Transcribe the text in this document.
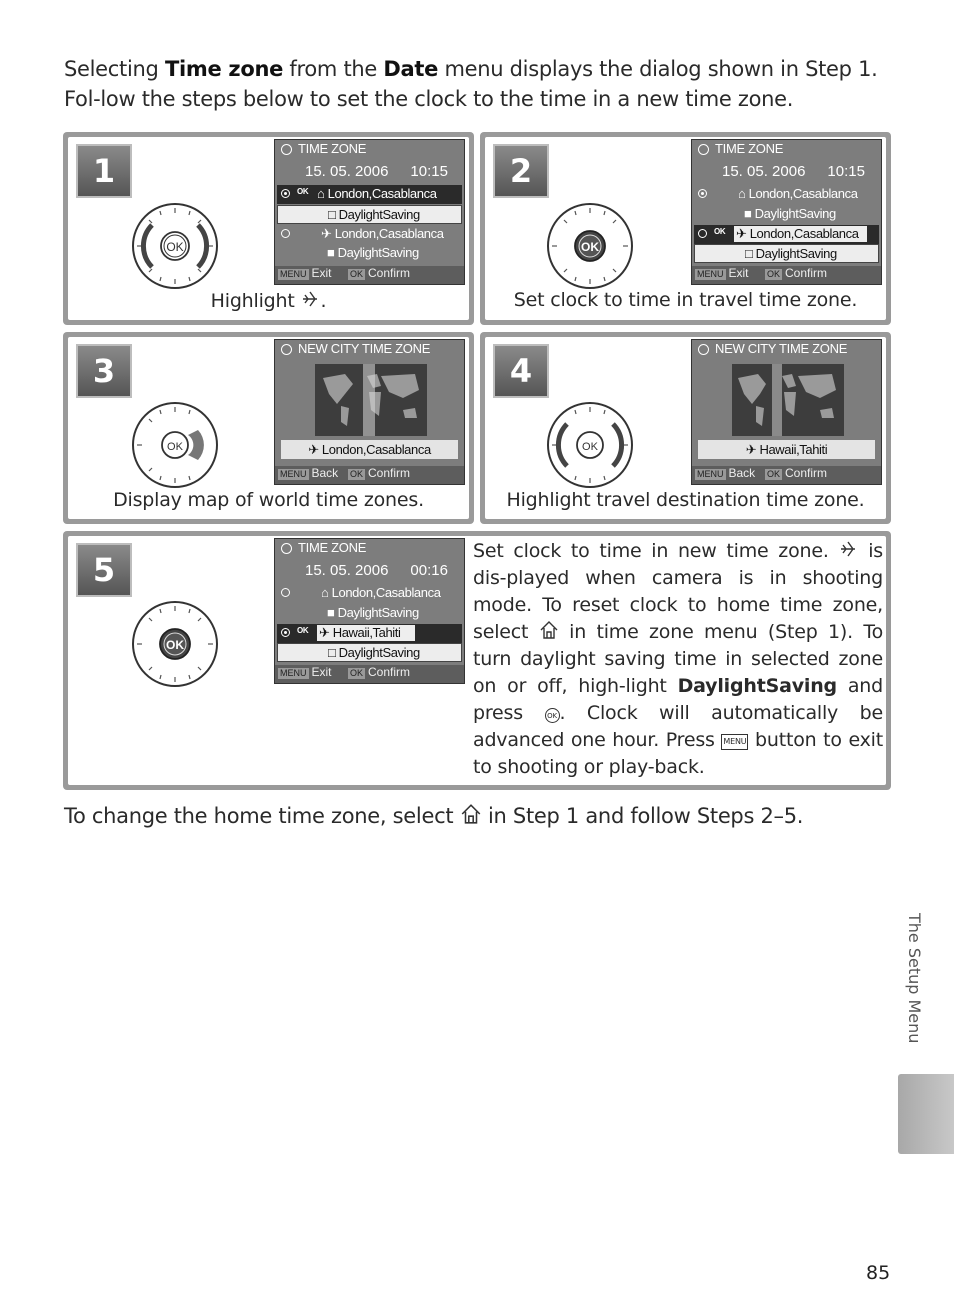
Selecting Time zone from the Date menu displays the dialog shown in Step 1. Fol-low the steps below to set the clock to the time in a new time zone.
1
OK
TIME ZONE
15. 05. 2006 10:15
OK ⌂ London,Casablanca
□ DaylightSaving
✈ London,Casablanca
■ DaylightSaving
MENU Exit	OK Confirm
Highlight .
2
OK
TIME ZONE
15. 05. 2006 10:15
⌂ London,Casablanca
■ DaylightSaving
OK ✈ London,Casablanca
□ DaylightSaving
MENU Exit	OK Confirm
Set clock to time in travel time zone.
3
OK
NEW CITY TIME ZONE
✈ London,Casablanca
MENU Back	OK Confirm
Display map of world time zones.
4
OK
NEW CITY TIME ZONE
✈ Hawaii,Tahiti
MENU Back	OK Confirm
Highlight travel destination time zone.
5
OK
TIME ZONE
15. 05. 2006 00:16
⌂ London,Casablanca
■ DaylightSaving
OK ✈ Hawaii,Tahiti
□ DaylightSaving
MENU Exit	OK Confirm
Set clock to time in new time zone.  is dis-played when camera is in shooting mode. To reset clock to home time zone, select  in time zone menu (Step 1). To turn daylight saving time in selected zone on or off, high-light DaylightSaving and press OK . Clock will automatically be advanced one hour. Press MENU button to exit to shooting or play-back.
To change the home time zone, select  in Step 1 and follow Steps 2–5.
The Setup Menu
85
